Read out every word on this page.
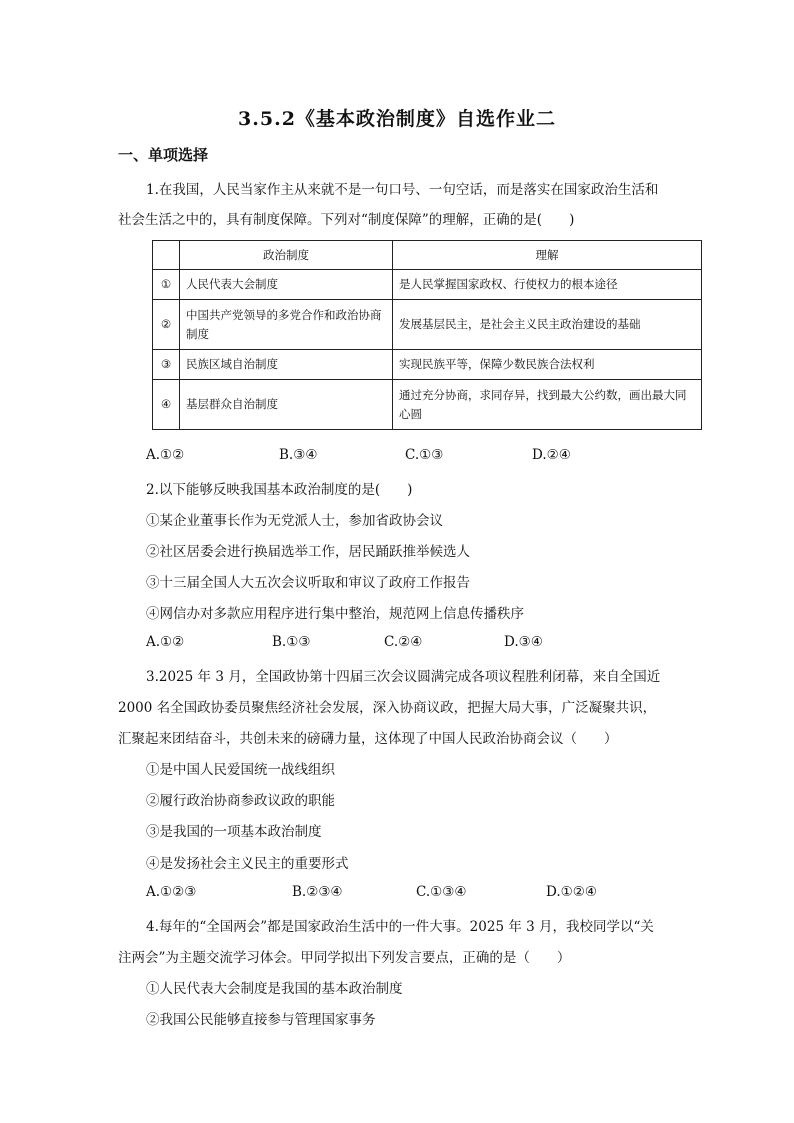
3.5.2《基本政治制度》自选作业二
一、单项选择
1.在我国，人民当家作主从来就不是一句口号、一句空话，而是落实在国家政治生活和
社会生活之中的，具有制度保障。下列对“制度保障”的理解，正确的是(　　)
	政治制度	理解
①	人民代表大会制度	是人民掌握国家政权、行使权力的根本途径
②	中国共产党领导的多党合作和政治协商制度	发展基层民主，是社会主义民主政治建设的基础
③	民族区域自治制度	实现民族平等，保障少数民族合法权利
④	基层群众自治制度	通过充分协商，求同存异，找到最大公约数，画出最大同心圆
A.①②	B.③④	C.①③	D.②④
2.以下能够反映我国基本政治制度的是(　　)
①某企业董事长作为无党派人士，参加省政协会议
②社区居委会进行换届选举工作，居民踊跃推举候选人
③十三届全国人大五次会议听取和审议了政府工作报告
④网信办对多款应用程序进行集中整治，规范网上信息传播秩序
A.①②	B.①③	C.②④	D.③④
3.2025 年 3 月，全国政协第十四届三次会议圆满完成各项议程胜利闭幕，来自全国近
2000 名全国政协委员聚焦经济社会发展，深入协商议政，把握大局大事，广泛凝聚共识，
汇聚起来团结奋斗，共创未来的磅礴力量，这体现了中国人民政治协商会议（　　）
①是中国人民爱国统一战线组织
②履行政治协商参政议政的职能
③是我国的一项基本政治制度
④是发扬社会主义民主的重要形式
A.①②③	B.②③④	C.①③④	D.①②④
4.每年的“全国两会”都是国家政治生活中的一件大事。2025 年 3 月，我校同学以“关
注两会”为主题交流学习体会。甲同学拟出下列发言要点，正确的是（　　）
①人民代表大会制度是我国的基本政治制度
②我国公民能够直接参与管理国家事务
